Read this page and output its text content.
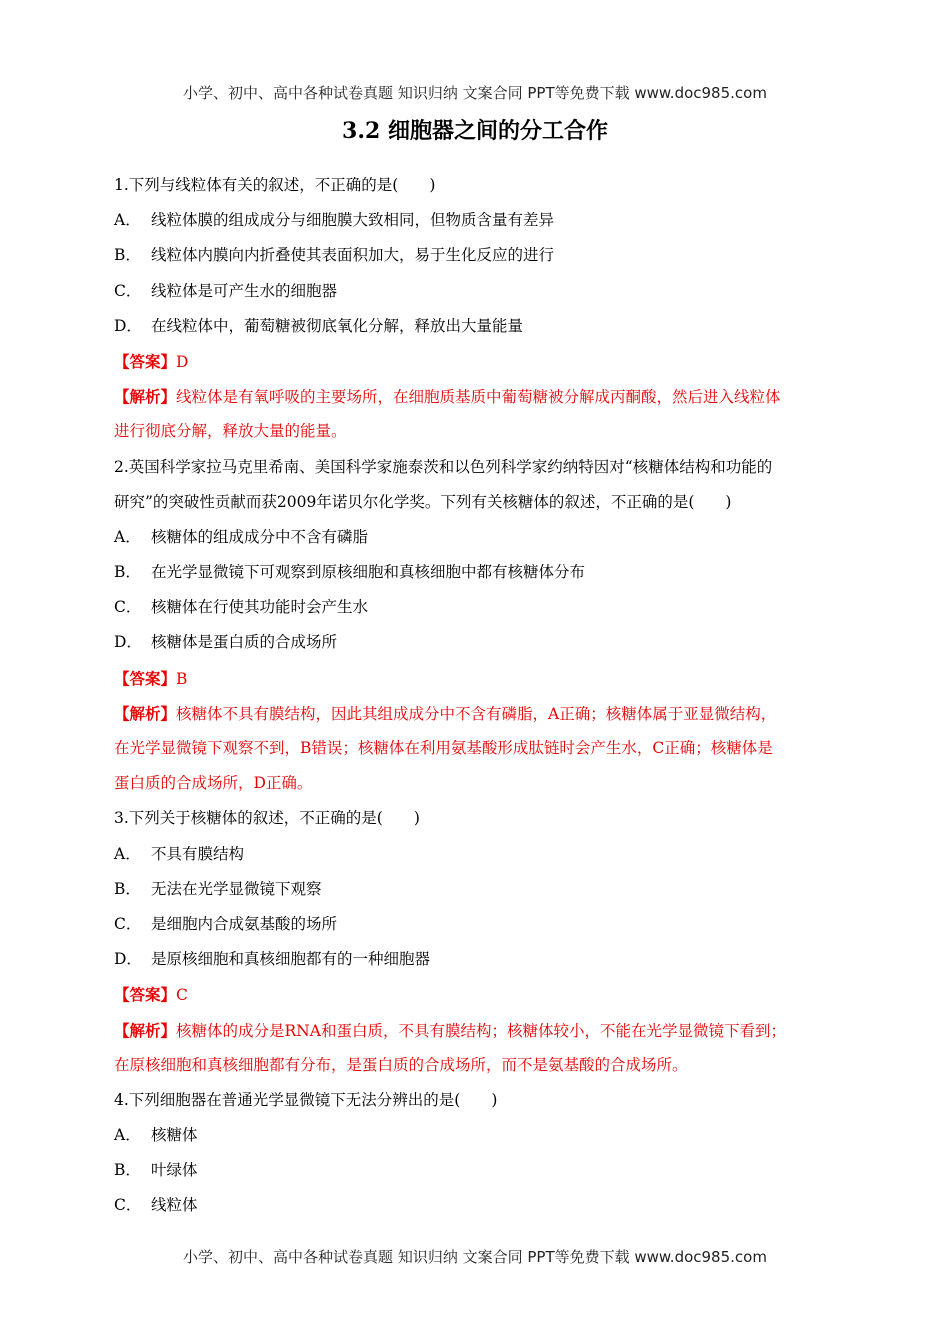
小学、初中、高中各种试卷真题 知识归纳 文案合同 PPT等免费下载 www.doc985.com
3.2 细胞器之间的分工合作
1.下列与线粒体有关的叙述，不正确的是(　　)
A． 线粒体膜的组成成分与细胞膜大致相同，但物质含量有差异
B． 线粒体内膜向内折叠使其表面积加大，易于生化反应的进行
C． 线粒体是可产生水的细胞器
D． 在线粒体中，葡萄糖被彻底氧化分解，释放出大量能量
【答案】D
【解析】线粒体是有氧呼吸的主要场所，在细胞质基质中葡萄糖被分解成丙酮酸，然后进入线粒体
进行彻底分解，释放大量的能量。
2.英国科学家拉马克里希南、美国科学家施泰茨和以色列科学家约纳特因对“核糖体结构和功能的
研究”的突破性贡献而获2009年诺贝尔化学奖。下列有关核糖体的叙述，不正确的是(　　)
A． 核糖体的组成成分中不含有磷脂
B． 在光学显微镜下可观察到原核细胞和真核细胞中都有核糖体分布
C． 核糖体在行使其功能时会产生水
D． 核糖体是蛋白质的合成场所
【答案】B
【解析】核糖体不具有膜结构，因此其组成成分中不含有磷脂，A正确；核糖体属于亚显微结构，
在光学显微镜下观察不到，B错误；核糖体在利用氨基酸形成肽链时会产生水，C正确；核糖体是
蛋白质的合成场所，D正确。
3.下列关于核糖体的叙述，不正确的是(　　)
A． 不具有膜结构
B． 无法在光学显微镜下观察
C． 是细胞内合成氨基酸的场所
D． 是原核细胞和真核细胞都有的一种细胞器
【答案】C
【解析】核糖体的成分是RNA和蛋白质，不具有膜结构；核糖体较小，不能在光学显微镜下看到；
在原核细胞和真核细胞都有分布，是蛋白质的合成场所，而不是氨基酸的合成场所。
4.下列细胞器在普通光学显微镜下无法分辨出的是(　　)
A． 核糖体
B． 叶绿体
C． 线粒体
小学、初中、高中各种试卷真题 知识归纳 文案合同 PPT等免费下载 www.doc985.com
